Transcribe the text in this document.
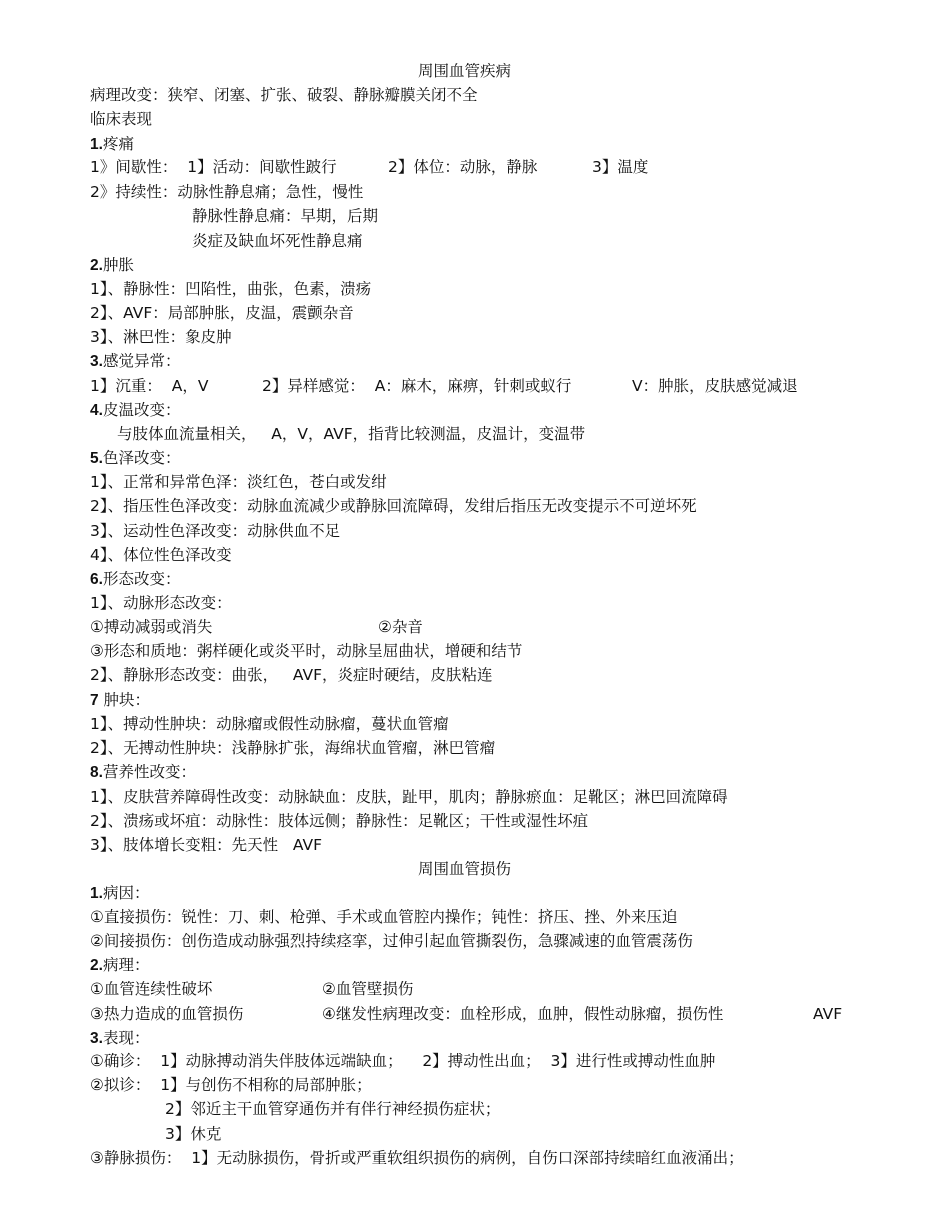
周围血管疾病
病理改变：狭窄、闭塞、扩张、破裂、静脉瓣膜关闭不全
临床表现
1.疼痛
1》间歇性：  1】活动：间歇性跛行	2】体位：动脉，静脉	3】温度
2》持续性：动脉性静息痛；急性，慢性
静脉性静息痛：早期，后期
炎症及缺血坏死性静息痛
2.肿胀
1】、静脉性：凹陷性，曲张，色素，溃疡
2】、AVF：局部肿胀，皮温，震颤杂音
3】、淋巴性：象皮肿
3.感觉异常：
1】沉重：  A，V	2】异样感觉：  A：麻木，麻痹，针刺或蚁行	V：肿胀，皮肤感觉减退
4.皮温改变：
与肢体血流量相关，   A，V，AVF，指背比较测温，皮温计，变温带
5.色泽改变：
1】、正常和异常色泽：淡红色，苍白或发绀
2】、指压性色泽改变：动脉血流减少或静脉回流障碍，发绀后指压无改变提示不可逆坏死
3】、运动性色泽改变：动脉供血不足
4】、体位性色泽改变
6.形态改变：
1】、动脉形态改变：
①搏动减弱或消失	②杂音
③形态和质地：粥样硬化或炎平时，动脉呈屈曲状，增硬和结节
2】、静脉形态改变：曲张，   AVF，炎症时硬结，皮肤粘连
7 肿块：
1】、搏动性肿块：动脉瘤或假性动脉瘤，蔓状血管瘤
2】、无搏动性肿块：浅静脉扩张，海绵状血管瘤，淋巴管瘤
8.营养性改变：
1】、皮肤营养障碍性改变：动脉缺血：皮肤，趾甲，肌肉；静脉瘀血：足靴区；淋巴回流障碍
2】、溃疡或坏疽：动脉性：肢体远侧；静脉性：足靴区；干性或湿性坏疽
3】、肢体增长变粗：先天性   AVF
周围血管损伤
1.病因：
①直接损伤：锐性：刀、刺、枪弹、手术或血管腔内操作；钝性：挤压、挫、外来压迫
②间接损伤：创伤造成动脉强烈持续痉挛，过伸引起血管撕裂伤，急骤减速的血管震荡伤
2.病理：
①血管连续性破坏	②血管壁损伤
③热力造成的血管损伤	④继发性病理改变：血栓形成，血肿，假性动脉瘤，损伤性	AVF
3.表现：
①确诊：  1】动脉搏动消失伴肢体远端缺血；    2】搏动性出血；  3】进行性或搏动性血肿
②拟诊：  1】与创伤不相称的局部肿胀；
2】邻近主干血管穿通伤并有伴行神经损伤症状；
3】休克
③静脉损伤：  1】无动脉损伤，骨折或严重软组织损伤的病例，自伤口深部持续暗红血液涌出；
